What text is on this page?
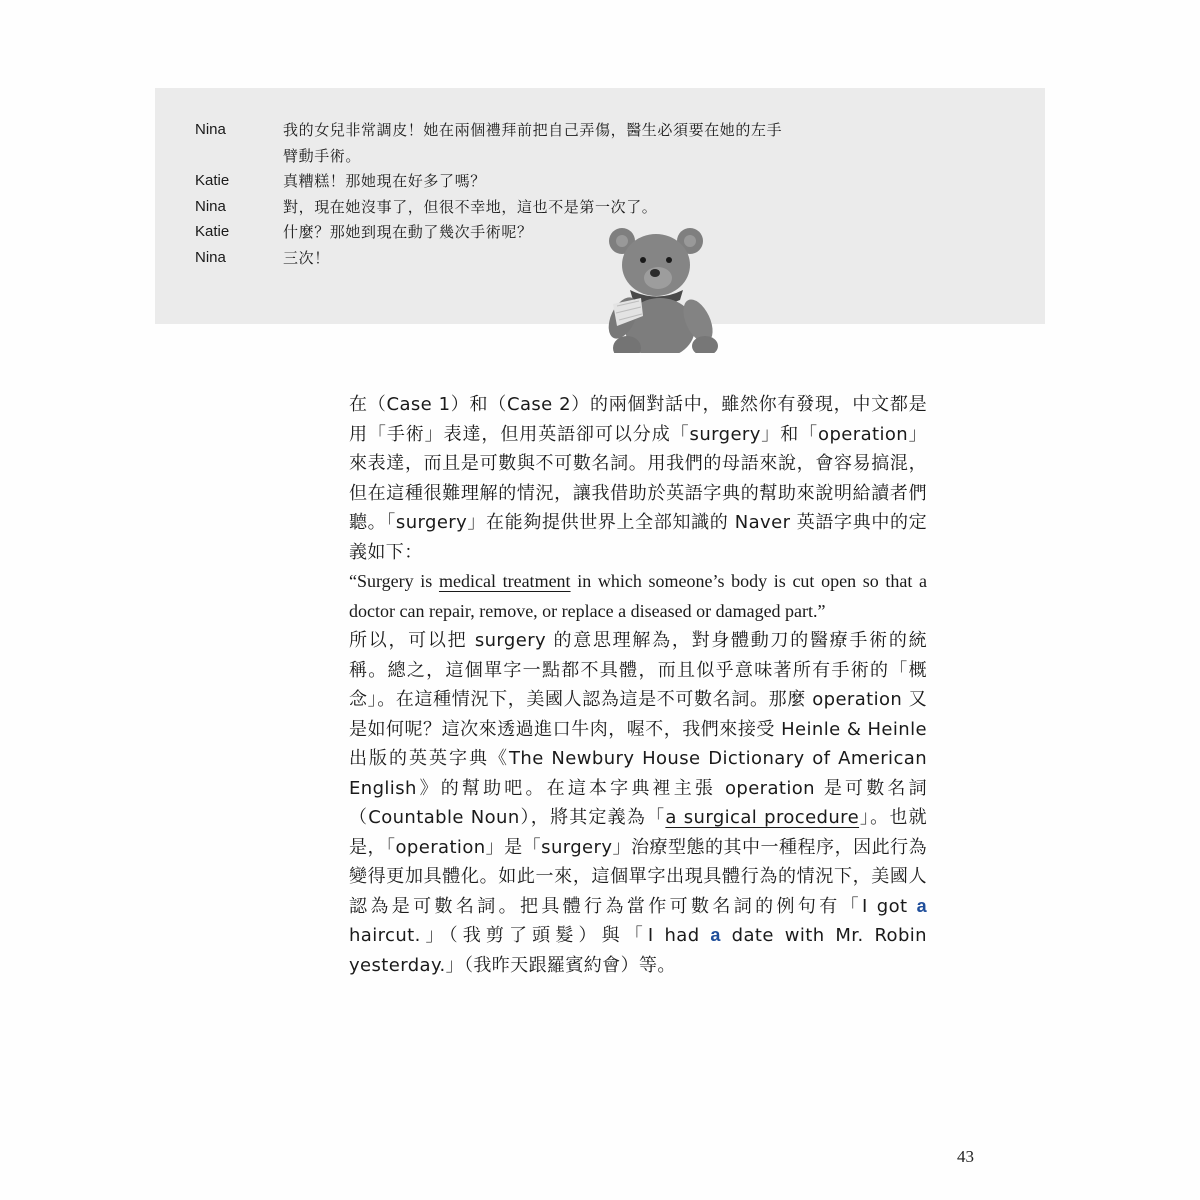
Nina	我的女兒非常調皮！她在兩個禮拜前把自己弄傷，醫生必須要在她的左手臂動手術。
Katie	真糟糕！那她現在好多了嗎？
Nina	對，現在她沒事了，但很不幸地，這也不是第一次了。
Katie	什麼？那她到現在動了幾次手術呢？
Nina	三次！

在（Case 1）和（Case 2）的兩個對話中，雖然你有發現，中文都是用「手術」表達，但用英語卻可以分成「surgery」和「operation」來表達，而且是可數與不可數名詞。用我們的母語來說，會容易搞混，但在這種很難理解的情況，讓我借助於英語字典的幫助來說明給讀者們聽。「surgery」在能夠提供世界上全部知識的 Naver 英語字典中的定義如下：

“Surgery is medical treatment in which someone’s body is cut open so that a doctor can repair, remove, or replace a diseased or damaged part.”

所以，可以把 surgery 的意思理解為，對身體動刀的醫療手術的統稱。總之，這個單字一點都不具體，而且似乎意味著所有手術的「概念」。在這種情況下，美國人認為這是不可數名詞。那麼 operation 又是如何呢？這次來透過進口牛肉，喔不，我們來接受 Heinle & Heinle 出版的英英字典《The Newbury House Dictionary of American English》的幫助吧。在這本字典裡主張 operation 是可數名詞（Countable Noun），將其定義為「a surgical procedure」。也就是，「operation」是「surgery」治療型態的其中一種程序，因此行為變得更加具體化。如此一來，這個單字出現具體行為的情況下，美國人認為是可數名詞。把具體行為當作可數名詞的例句有「I got a haircut.」（我剪了頭髮）與「I had a date with Mr. Robin yesterday.」（我昨天跟羅賓約會）等。

43
